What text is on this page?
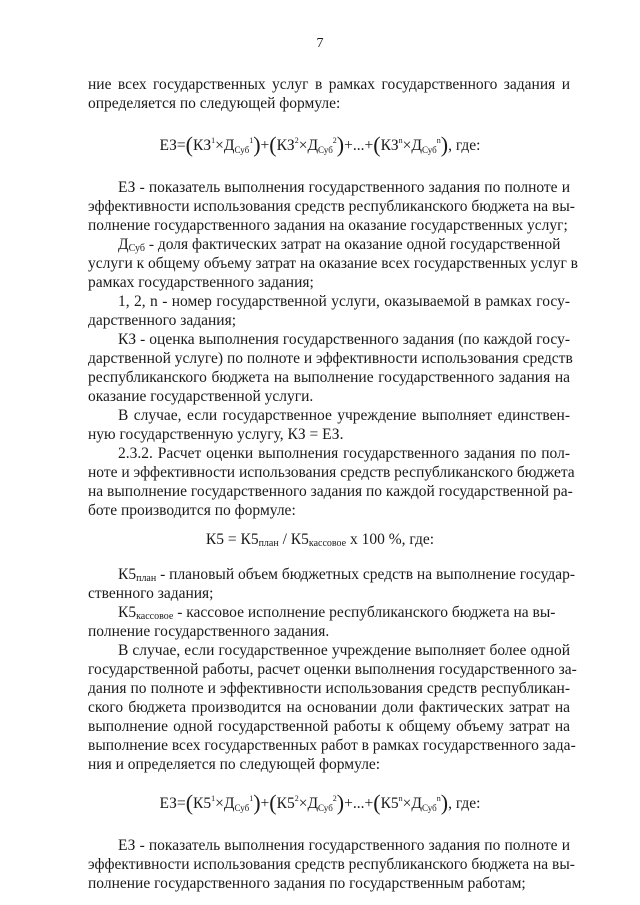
7
ние всех государственных услуг в рамках государственного задания и
определяется по следующей формуле:
$ЕЗ=(КЗ^1\times Д_{Суб}^1)+(КЗ^2\times Д_{Суб}^2)+...+(КЗ^n\times Д_{Суб}^n)$, где:
ЕЗ - показатель выполнения государственного задания по полноте и
эффективности использования средств республиканского бюджета на вы-
полнение государственного задания на оказание государственных услуг;
ДСуб - доля фактических затрат на оказание одной государственной
услуги к общему объему затрат на оказание всех государственных услуг в
рамках государственного задания;
1, 2, n - номер государственной услуги, оказываемой в рамках госу-
дарственного задания;
КЗ - оценка выполнения государственного задания (по каждой госу-
дарственной услуге) по полноте и эффективности использования средств
республиканского бюджета на выполнение государственного задания на
оказание государственной услуги.
В случае, если государственное учреждение выполняет единствен-
ную государственную услугу, КЗ = ЕЗ.
2.3.2. Расчет оценки выполнения государственного задания по пол-
ноте и эффективности использования средств республиканского бюджета
на выполнение государственного задания по каждой государственной ра-
боте производится по формуле:
К5 = К5план / К5кассовое х 100 %, где:
К5план - плановый объем бюджетных средств на выполнение государ-
ственного задания;
К5кассовое - кассовое исполнение республиканского бюджета на вы-
полнение государственного задания.
В случае, если государственное учреждение выполняет более одной
государственной работы, расчет оценки выполнения государственного за-
дания по полноте и эффективности использования средств республикан-
ского бюджета производится на основании доли фактических затрат на
выполнение одной государственной работы к общему объему затрат на
выполнение всех государственных работ в рамках государственного зада-
ния и определяется по следующей формуле:
$ЕЗ=(К5^1\times Д_{Суб}^1)+(К5^2\times Д_{Суб}^2)+...+(К5^n\times Д_{Суб}^n)$, где:
ЕЗ - показатель выполнения государственного задания по полноте и
эффективности использования средств республиканского бюджета на вы-
полнение государственного задания по государственным работам;
